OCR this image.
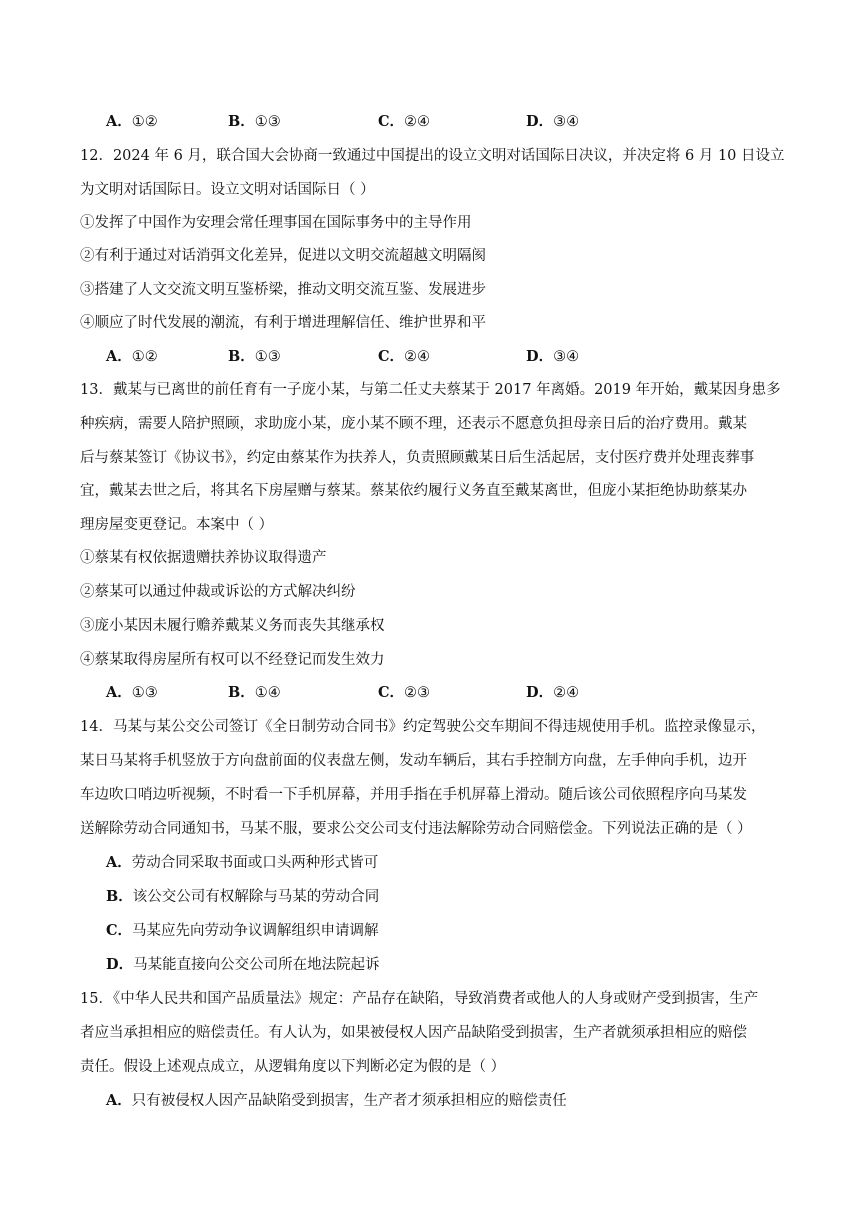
A．①②	B．①③	C．②④	D．③④
12．2024 年 6 月，联合国大会协商一致通过中国提出的设立文明对话国际日决议，并决定将 6 月 10 日设立
为文明对话国际日。设立文明对话国际日（ ）
①发挥了中国作为安理会常任理事国在国际事务中的主导作用
②有利于通过对话消弭文化差异，促进以文明交流超越文明隔阂
③搭建了人文交流文明互鉴桥梁，推动文明交流互鉴、发展进步
④顺应了时代发展的潮流，有利于增进理解信任、维护世界和平
A．①②	B．①③	C．②④	D．③④
13．戴某与已离世的前任育有一子庞小某，与第二任丈夫蔡某于 2017 年离婚。2019 年开始，戴某因身患多
种疾病，需要人陪护照顾，求助庞小某，庞小某不顾不理，还表示不愿意负担母亲日后的治疗费用。戴某
后与蔡某签订《协议书》，约定由蔡某作为扶养人，负责照顾戴某日后生活起居，支付医疗费并处理丧葬事
宜，戴某去世之后，将其名下房屋赠与蔡某。蔡某依约履行义务直至戴某离世，但庞小某拒绝协助蔡某办
理房屋变更登记。本案中（ ）
①蔡某有权依据遗赠扶养协议取得遗产
②蔡某可以通过仲裁或诉讼的方式解决纠纷
③庞小某因未履行赡养戴某义务而丧失其继承权
④蔡某取得房屋所有权可以不经登记而发生效力
A．①③	B．①④	C．②③	D．②④
14．马某与某公交公司签订《全日制劳动合同书》约定驾驶公交车期间不得违规使用手机。监控录像显示，
某日马某将手机竖放于方向盘前面的仪表盘左侧，发动车辆后，其右手控制方向盘，左手伸向手机，边开
车边吹口哨边听视频，不时看一下手机屏幕，并用手指在手机屏幕上滑动。随后该公司依照程序向马某发
送解除劳动合同通知书，马某不服，要求公交公司支付违法解除劳动合同赔偿金。下列说法正确的是（ ）
A．劳动合同采取书面或口头两种形式皆可
B．该公交公司有权解除与马某的劳动合同
C．马某应先向劳动争议调解组织申请调解
D．马某能直接向公交公司所在地法院起诉
15．《中华人民共和国产品质量法》规定：产品存在缺陷，导致消费者或他人的人身或财产受到损害，生产
者应当承担相应的赔偿责任。有人认为，如果被侵权人因产品缺陷受到损害，生产者就须承担相应的赔偿
责任。假设上述观点成立，从逻辑角度以下判断必定为假的是（ ）
A．只有被侵权人因产品缺陷受到损害，生产者才须承担相应的赔偿责任
